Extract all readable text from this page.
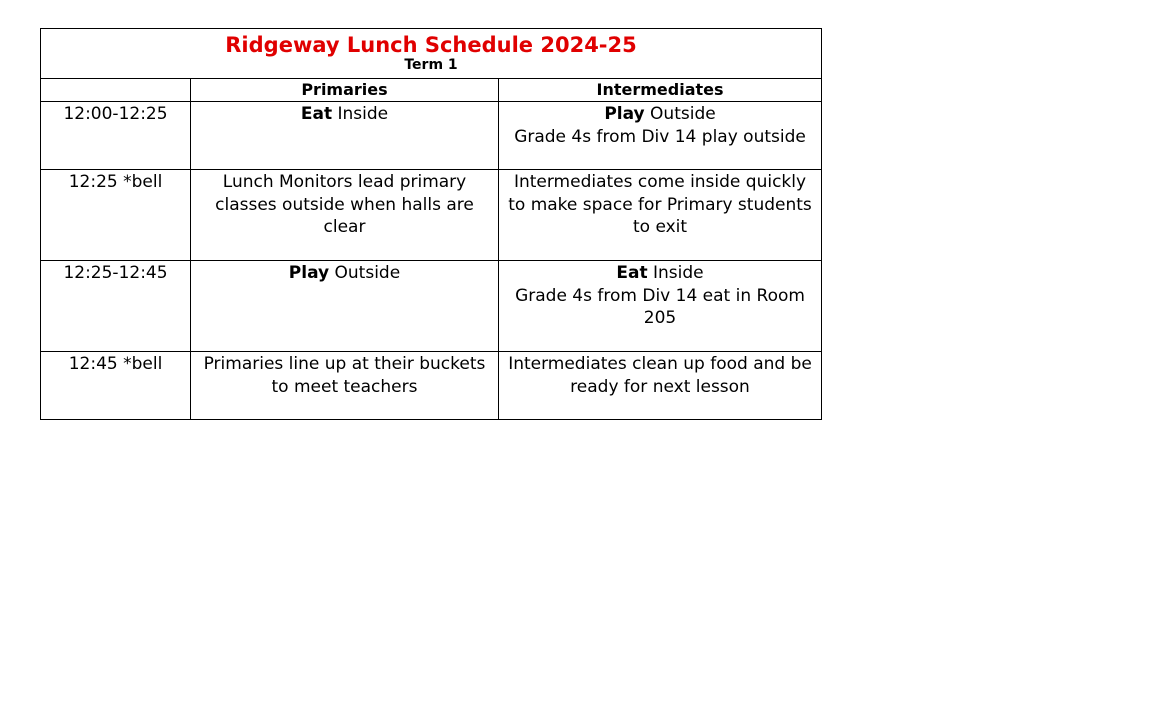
Ridgeway Lunch Schedule 2024-25
Term 1		

	Primaries	Intermediates

12:00-12:25	Eat Inside	Play Outside
Grade 4s from Div 14 play outside

12:25 *bell	Lunch Monitors lead primary classes outside when halls are clear	Intermediates come inside quickly to make space for Primary students to exit

12:25-12:45	Play Outside	Eat Inside
Grade 4s from Div 14 eat in Room 205

12:45 *bell	Primaries line up at their buckets to meet teachers	Intermediates clean up food and be ready for next lesson
